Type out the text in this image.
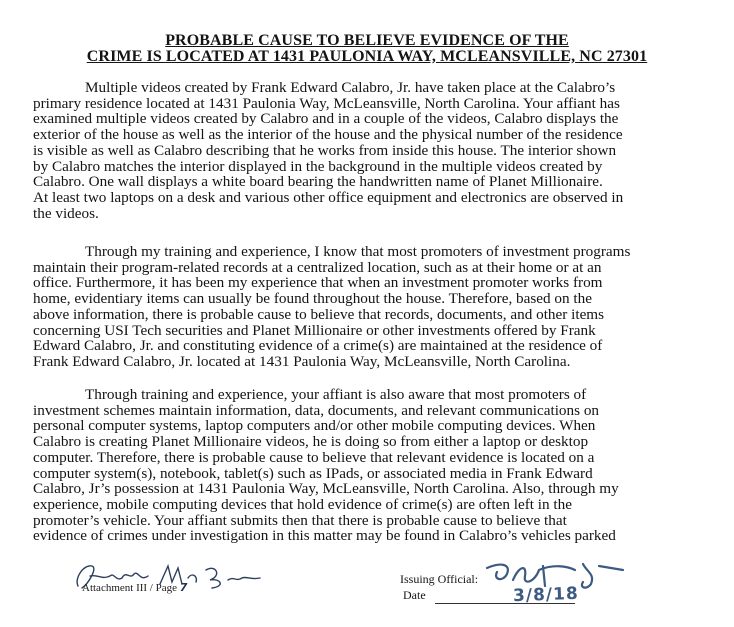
PROBABLE CAUSE TO BELIEVE EVIDENCE OF THE
CRIME IS LOCATED AT 1431 PAULONIA WAY, MCLEANSVILLE, NC 27301

Multiple videos created by Frank Edward Calabro, Jr. have taken place at the Calabro’s
primary residence located at 1431 Paulonia Way, McLeansville, North Carolina. Your affiant has
examined multiple videos created by Calabro and in a couple of the videos, Calabro displays the
exterior of the house as well as the interior of the house and the physical number of the residence
is visible as well as Calabro describing that he works from inside this house. The interior shown
by Calabro matches the interior displayed in the background in the multiple videos created by
Calabro. One wall displays a white board bearing the handwritten name of Planet Millionaire.
At least two laptops on a desk and various other office equipment and electronics are observed in
the videos.

Through my training and experience, I know that most promoters of investment programs
maintain their program-related records at a centralized location, such as at their home or at an
office. Furthermore, it has been my experience that when an investment promoter works from
home, evidentiary items can usually be found throughout the house. Therefore, based on the
above information, there is probable cause to believe that records, documents, and other items
concerning USI Tech securities and Planet Millionaire or other investments offered by Frank
Edward Calabro, Jr. and constituting evidence of a crime(s) are maintained at the residence of
Frank Edward Calabro, Jr. located at 1431 Paulonia Way, McLeansville, North Carolina.

Through training and experience, your affiant is also aware that most promoters of
investment schemes maintain information, data, documents, and relevant communications on
personal computer systems, laptop computers and/or other mobile computing devices. When
Calabro is creating Planet Millionaire videos, he is doing so from either a laptop or desktop
computer. Therefore, there is probable cause to believe that relevant evidence is located on a
computer system(s), notebook, tablet(s) such as IPads, or associated media in Frank Edward
Calabro, Jr’s possession at 1431 Paulonia Way, McLeansville, North Carolina. Also, through my
experience, mobile computing devices that hold evidence of crime(s) are often left in the
promoter’s vehicle. Your affiant submits then that there is probable cause to believe that
evidence of crimes under investigation in this matter may be found in Calabro’s vehicles parked

Attachment III / Page 7
Issuing Official:
Date	3/8/18
